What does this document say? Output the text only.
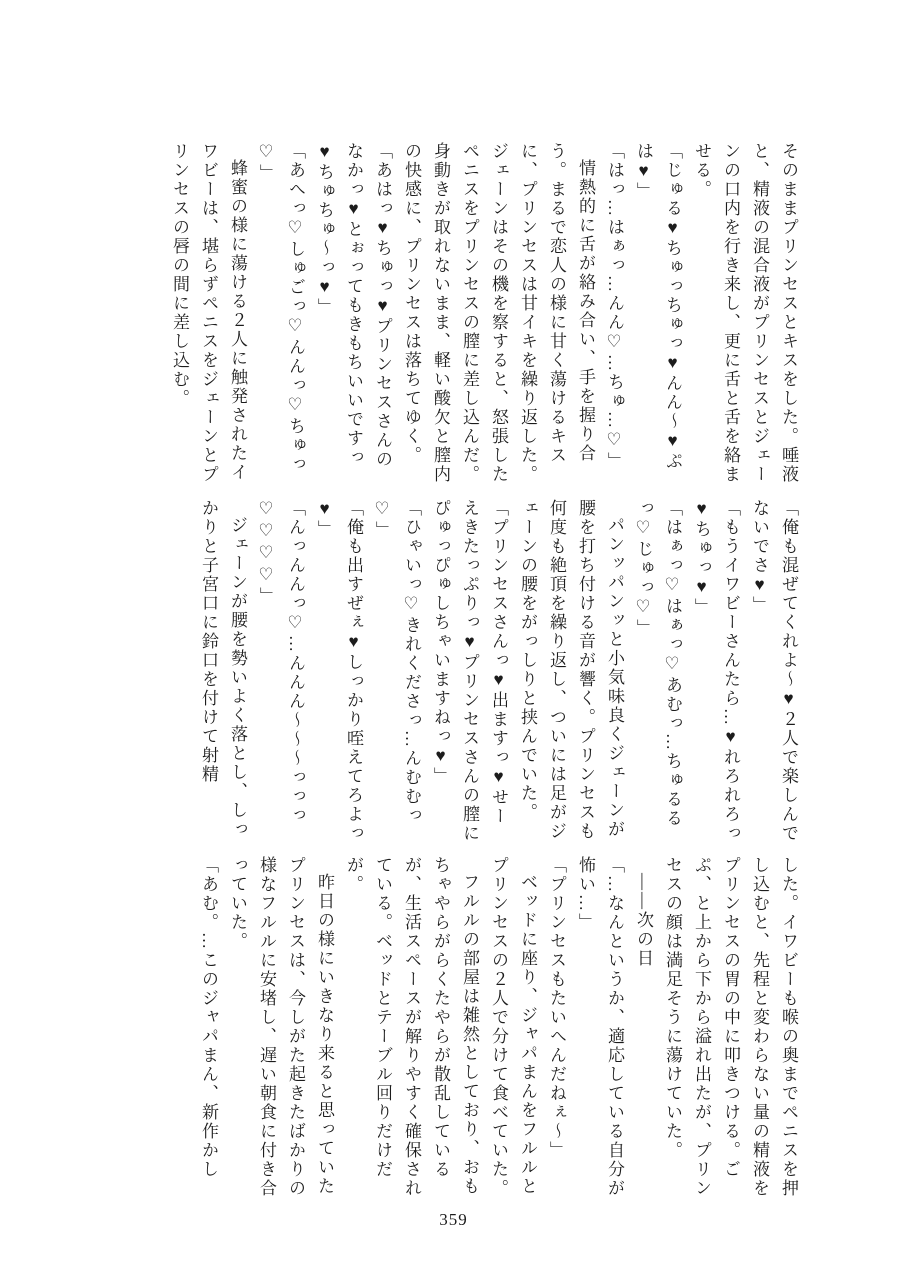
そのままプリンセスとキスをした。唾液と、精液の混合液がプリンセスとジェーンの口内を行き来し、更に舌と舌を絡ませる。

「じゅる♥ちゅっちゅっ♥んん〜♥ぷは♥」

「はっ…はぁっ…んん♡…ちゅ…♡」

情熱的に舌が絡み合い、手を握り合う。まるで恋人の様に甘く蕩けるキスに、プリンセスは甘イキを繰り返した。ジェーンはその機を察すると、怒張したペニスをプリンセスの膣に差し込んだ。身動きが取れないまま、軽い酸欠と膣内の快感に、プリンセスは落ちてゆく。

「あはっ♥ちゅっ♥プリンセスさんのなかっ♥とぉってもきもちいいですっ♥ちゅちゅ〜っ♥」

「あへっ♡しゅごっ♡んんっ♡ちゅっ♡」

蜂蜜の様に蕩ける２人に触発されたイワビーは、堪らずペニスをジェーンとプリンセスの唇の間に差し込む。

「俺も混ぜてくれよ〜♥２人で楽しんでないでさ♥」

「もうイワビーさんたら…♥れろれろっ♥ちゅっ♥」

「はぁっ♡はぁっ♡あむっ…ちゅるるっ♡じゅっ♡」

パンッパンッと小気味良くジェーンが腰を打ち付ける音が響く。プリンセスも何度も絶頂を繰り返し、ついには足がジェーンの腰をがっしりと挟んでいた。

「プリンセスさんっ♥出ますっ♥せーえきたっぷりっ♥プリンセスさんの膣にぴゅっぴゅしちゃいますねっ♥」

「ひゃいっ♡きれくださっ…んむむっ♡」

「俺も出すぜぇ♥しっかり咥えてろよっ♥」

「んっんんっ♡…んんん〜〜〜っっっ♡♡♡♡」

ジェーンが腰を勢いよく落とし、しっかりと子宮口に鈴口を付けて射精

した。イワビーも喉の奥までペニスを押し込むと、先程と変わらない量の精液をプリンセスの胃の中に叩きつける。ごぷ、と上から下から溢れ出たが、プリンセスの顔は満足そうに蕩けていた。

――次の日

「…なんというか、適応している自分が怖い…」

「プリンセスもたいへんだねぇ〜」

ベッドに座り、ジャパまんをフルルとプリンセスの２人で分けて食べていた。

フルルの部屋は雑然としており、おもちゃやらがらくたやらが散乱しているが、生活スペースが解りやすく確保されている。ベッドとテーブル回りだけだが。

昨日の様にいきなり来ると思っていたプリンセスは、今しがた起きたばかりの様なフルルに安堵し、遅い朝食に付き合っていた。

「あむ。…このジャパまん、新作かし

359
